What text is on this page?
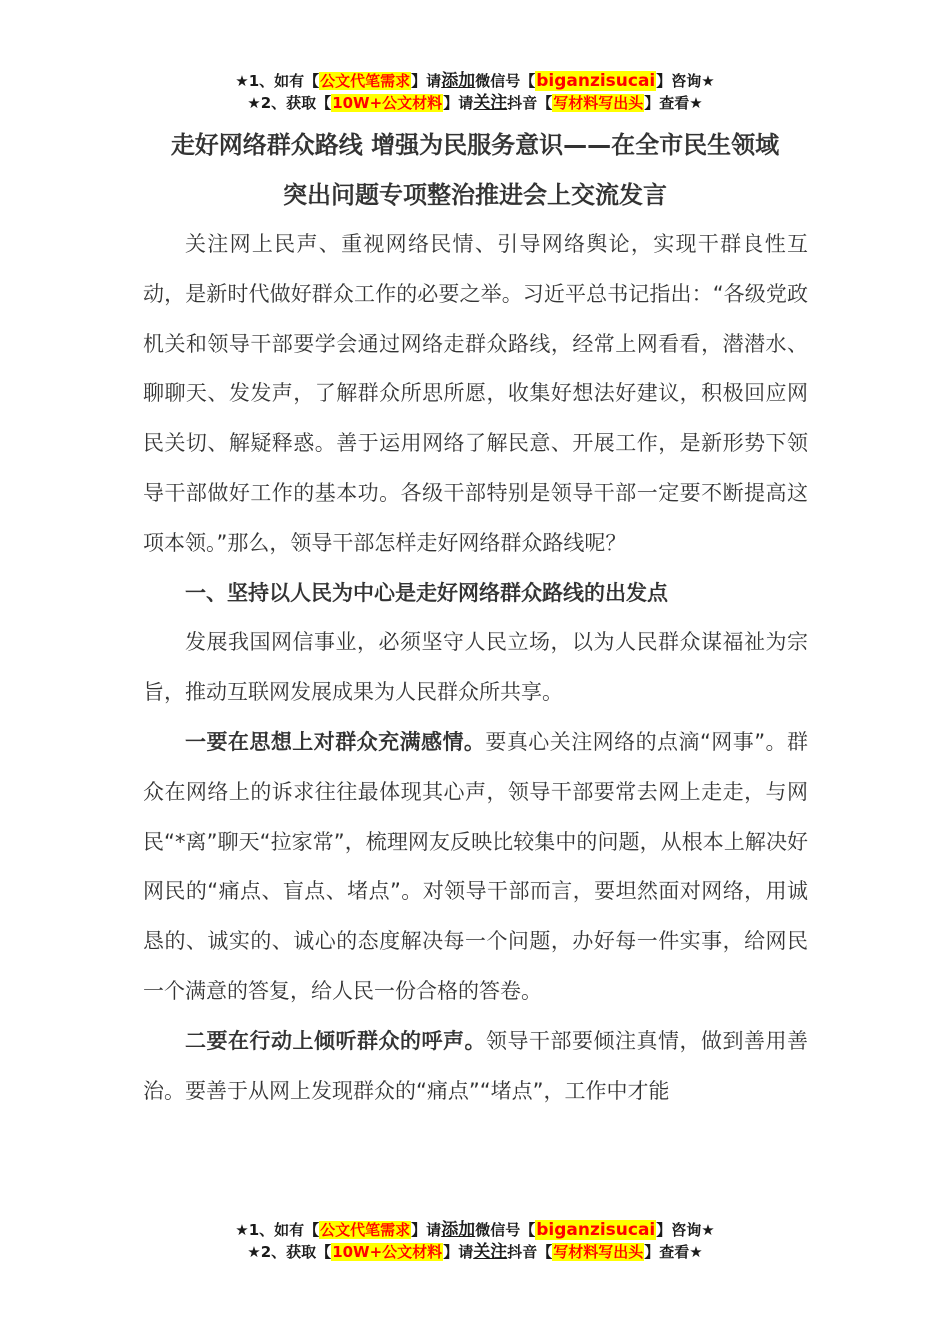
★1、如有【公文代笔需求】请添加微信号【biganzisucai】咨询★
★2、获取【10W+公文材料】请关注抖音【写材料写出头】查看★
走好网络群众路线 增强为民服务意识——在全市民生领域
突出问题专项整治推进会上交流发言

关注网上民声、重视网络民情、引导网络舆论，实现干群良性互动，是新时代做好群众工作的必要之举。习近平总书记指出：“各级党政机关和领导干部要学会通过网络走群众路线，经常上网看看，潜潜水、聊聊天、发发声，了解群众所思所愿，收集好想法好建议，积极回应网民关切、解疑释惑。善于运用网络了解民意、开展工作，是新形势下领导干部做好工作的基本功。各级干部特别是领导干部一定要不断提高这项本领。”那么，领导干部怎样走好网络群众路线呢？

一、坚持以人民为中心是走好网络群众路线的出发点

发展我国网信事业，必须坚守人民立场，以为人民群众谋福祉为宗旨，推动互联网发展成果为人民群众所共享。

一要在思想上对群众充满感情。要真心关注网络的点滴“网事”。群众在网络上的诉求往往最体现其心声，领导干部要常去网上走走，与网民“*离”聊天“拉家常”，梳理网友反映比较集中的问题，从根本上解决好网民的“痛点、盲点、堵点”。对领导干部而言，要坦然面对网络，用诚恳的、诚实的、诚心的态度解决每一个问题，办好每一件实事，给网民一个满意的答复，给人民一份合格的答卷。

二要在行动上倾听群众的呼声。领导干部要倾注真情，做到善用善治。要善于从网上发现群众的“痛点”“堵点”，工作中才能

★1、如有【公文代笔需求】请添加微信号【biganzisucai】咨询★
★2、获取【10W+公文材料】请关注抖音【写材料写出头】查看★
